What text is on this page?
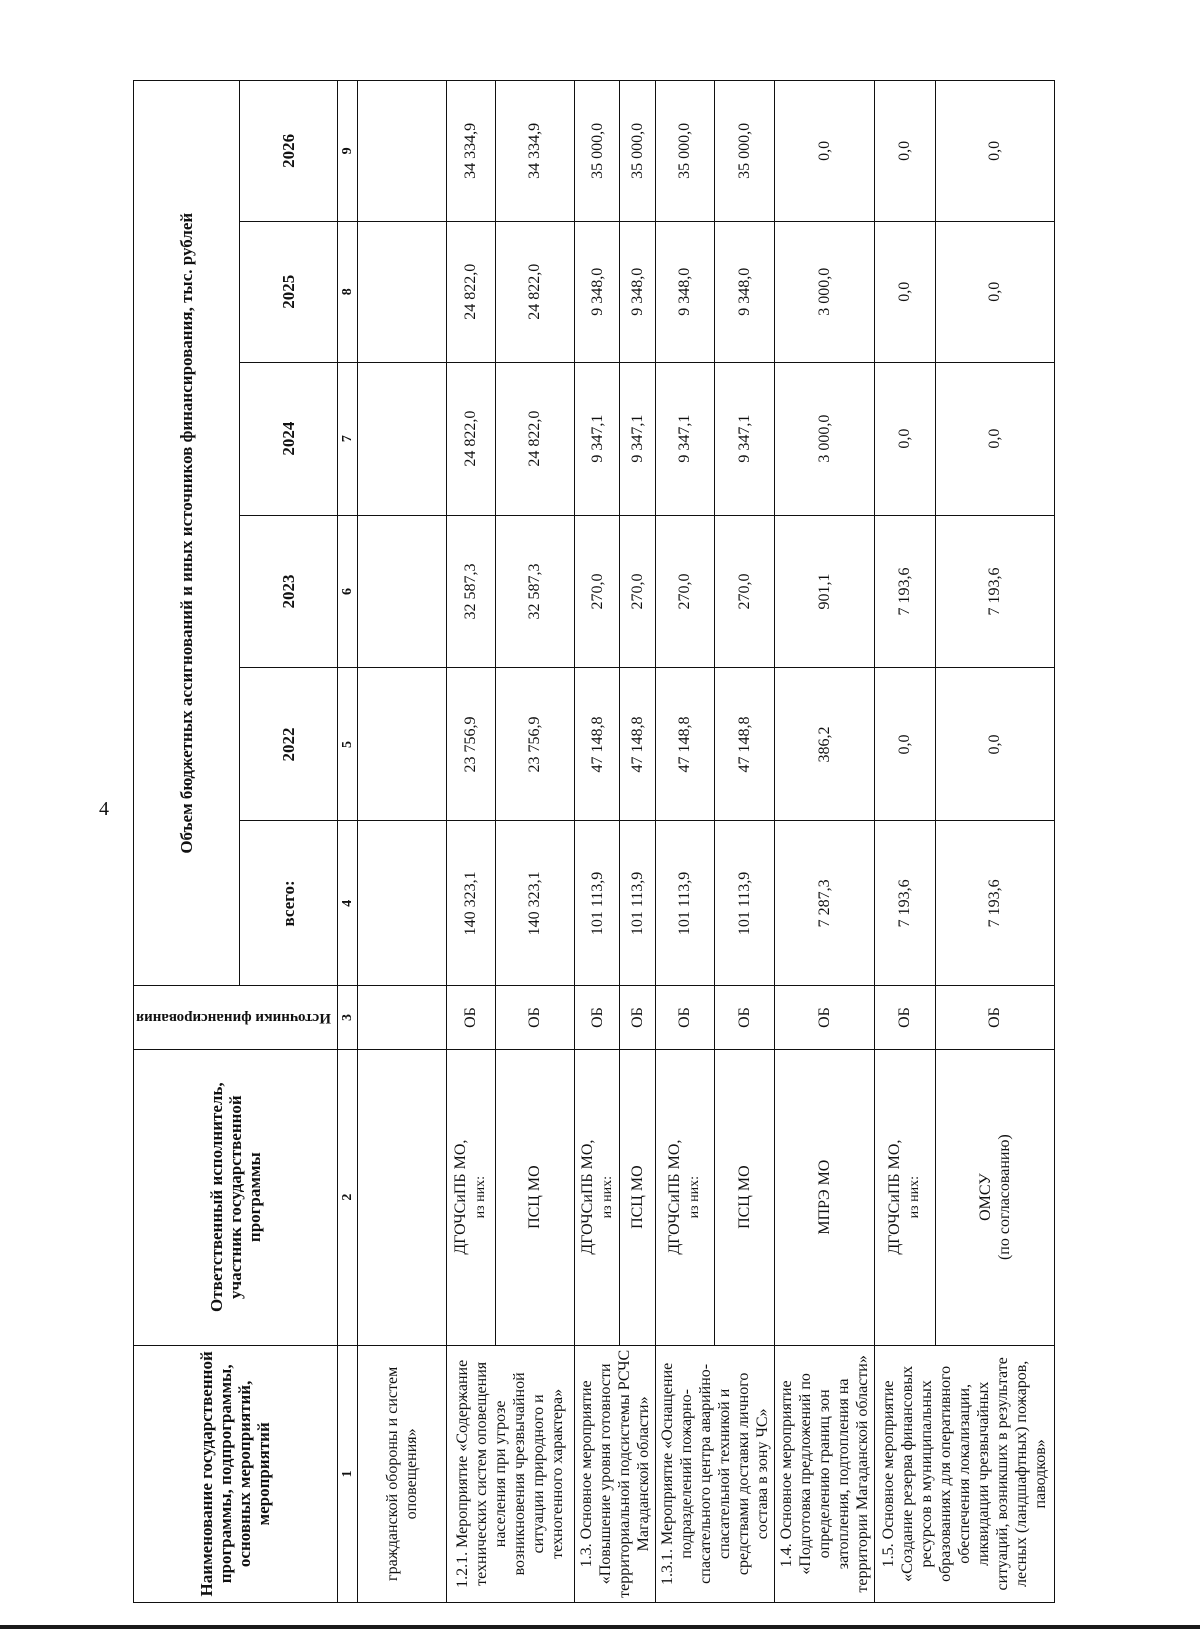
4
Наименование государственной программы, подпрограммы, основных мероприятий, мероприятий	Ответственный исполнитель, участник государственной программы	Источники финансирования	Объем бюджетных ассигнований и иных источников финансирования, тыс. рублей					
			всего:	2022	2023	2024	2025	2026
1	2	3	4	5	6	7	8	9
гражданской обороны и систем оповещения»								
1.2.1. Мероприятие «Содержание технических систем оповещения населения при угрозе возникновения чрезвычайной ситуации природного и техногенного характера»	ДГОЧСиПБ МО, из них:	ОБ	140 323,1	23 756,9	32 587,3	24 822,0	24 822,0	34 334,9
	ПСЦ МО	ОБ	140 323,1	23 756,9	32 587,3	24 822,0	24 822,0	34 334,9
1.3. Основное мероприятие «Повышение уровня готовности территориальной подсистемы РСЧС Магаданской области»	ДГОЧСиПБ МО, из них:	ОБ	101 113,9	47 148,8	270,0	9 347,1	9 348,0	35 000,0
	ПСЦ МО	ОБ	101 113,9	47 148,8	270,0	9 347,1	9 348,0	35 000,0
1.3.1. Мероприятие «Оснащение подразделений пожарно-спасательного центра аварийно-спасательной техникой и средствами доставки личного состава в зону ЧС»	ДГОЧСиПБ МО, из них:	ОБ	101 113,9	47 148,8	270,0	9 347,1	9 348,0	35 000,0
	ПСЦ МО	ОБ	101 113,9	47 148,8	270,0	9 347,1	9 348,0	35 000,0
1.4. Основное мероприятие «Подготовка предложений по определению границ зон затопления, подтопления на территории Магаданской области»	МПРЭ МО	ОБ	7 287,3	386,2	901,1	3 000,0	3 000,0	0,0
1.5. Основное мероприятие «Создание резерва финансовых ресурсов в муниципальных образованиях для оперативного обеспечения локализации, ликвидации чрезвычайных ситуаций, возникших в результате лесных (ландшафтных) пожаров, паводков»	ДГОЧСиПБ МО, из них:	ОБ	7 193,6	0,0	7 193,6	0,0	0,0	0,0
	ОМСУ (по согласованию)	ОБ	7 193,6	0,0	7 193,6	0,0	0,0	0,0
